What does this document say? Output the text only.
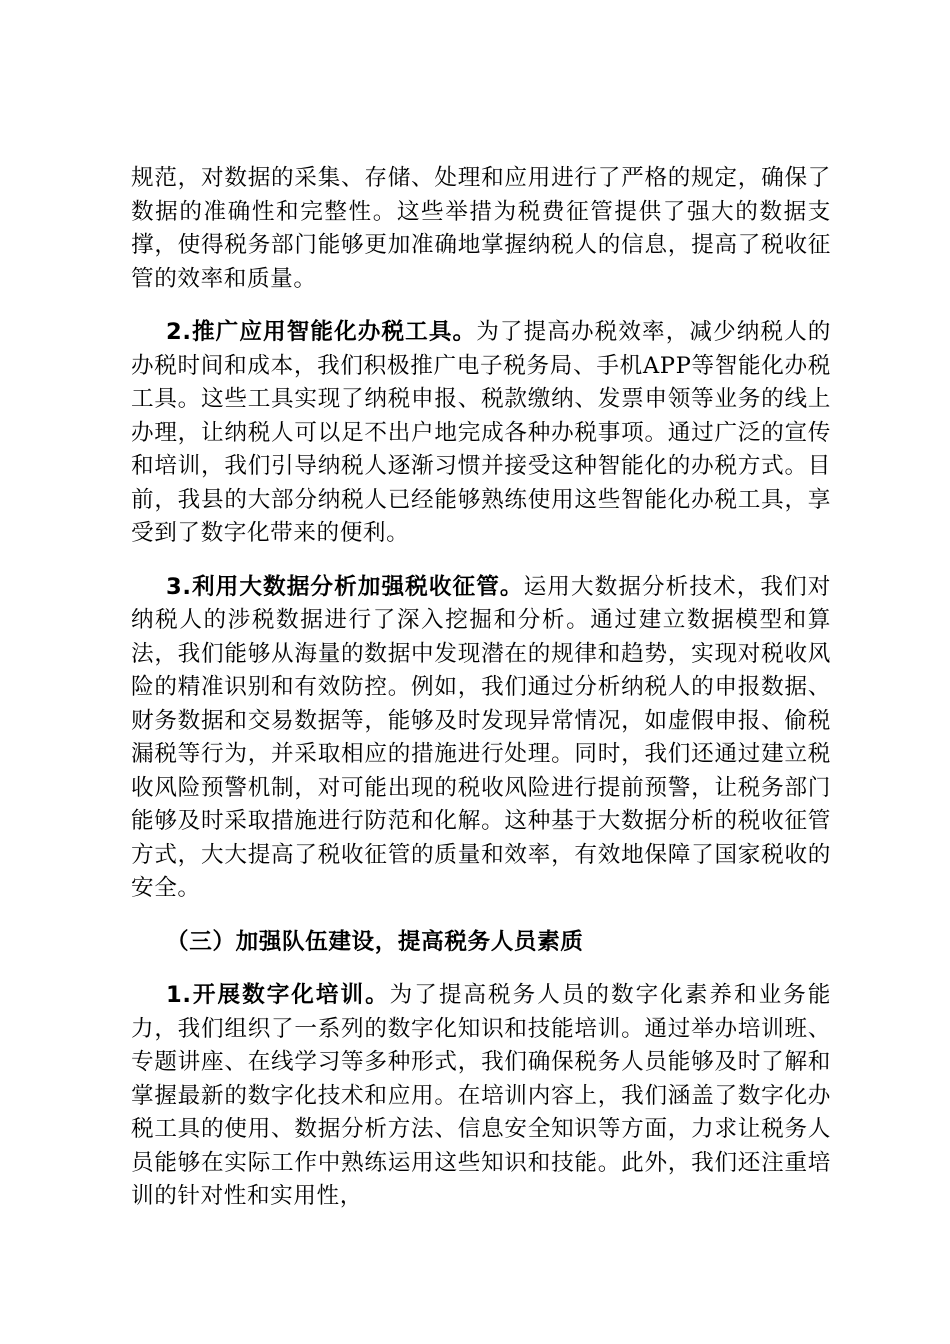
规范，对数据的采集、存储、处理和应用进行了严格的规定，确保了数据的准确性和完整性。这些举措为税费征管提供了强大的数据支撑，使得税务部门能够更加准确地掌握纳税人的信息，提高了税收征管的效率和质量。

2.推广应用智能化办税工具。为了提高办税效率，减少纳税人的办税时间和成本，我们积极推广电子税务局、手机APP等智能化办税工具。这些工具实现了纳税申报、税款缴纳、发票申领等业务的线上办理，让纳税人可以足不出户地完成各种办税事项。通过广泛的宣传和培训，我们引导纳税人逐渐习惯并接受这种智能化的办税方式。目前，我县的大部分纳税人已经能够熟练使用这些智能化办税工具，享受到了数字化带来的便利。

3.利用大数据分析加强税收征管。运用大数据分析技术，我们对纳税人的涉税数据进行了深入挖掘和分析。通过建立数据模型和算法，我们能够从海量的数据中发现潜在的规律和趋势，实现对税收风险的精准识别和有效防控。例如，我们通过分析纳税人的申报数据、财务数据和交易数据等，能够及时发现异常情况，如虚假申报、偷税漏税等行为，并采取相应的措施进行处理。同时，我们还通过建立税收风险预警机制，对可能出现的税收风险进行提前预警，让税务部门能够及时采取措施进行防范和化解。这种基于大数据分析的税收征管方式，大大提高了税收征管的质量和效率，有效地保障了国家税收的安全。

（三）加强队伍建设，提高税务人员素质

1.开展数字化培训。为了提高税务人员的数字化素养和业务能力，我们组织了一系列的数字化知识和技能培训。通过举办培训班、专题讲座、在线学习等多种形式，我们确保税务人员能够及时了解和掌握最新的数字化技术和应用。在培训内容上，我们涵盖了数字化办税工具的使用、数据分析方法、信息安全知识等方面，力求让税务人员能够在实际工作中熟练运用这些知识和技能。此外，我们还注重培训的针对性和实用性，
